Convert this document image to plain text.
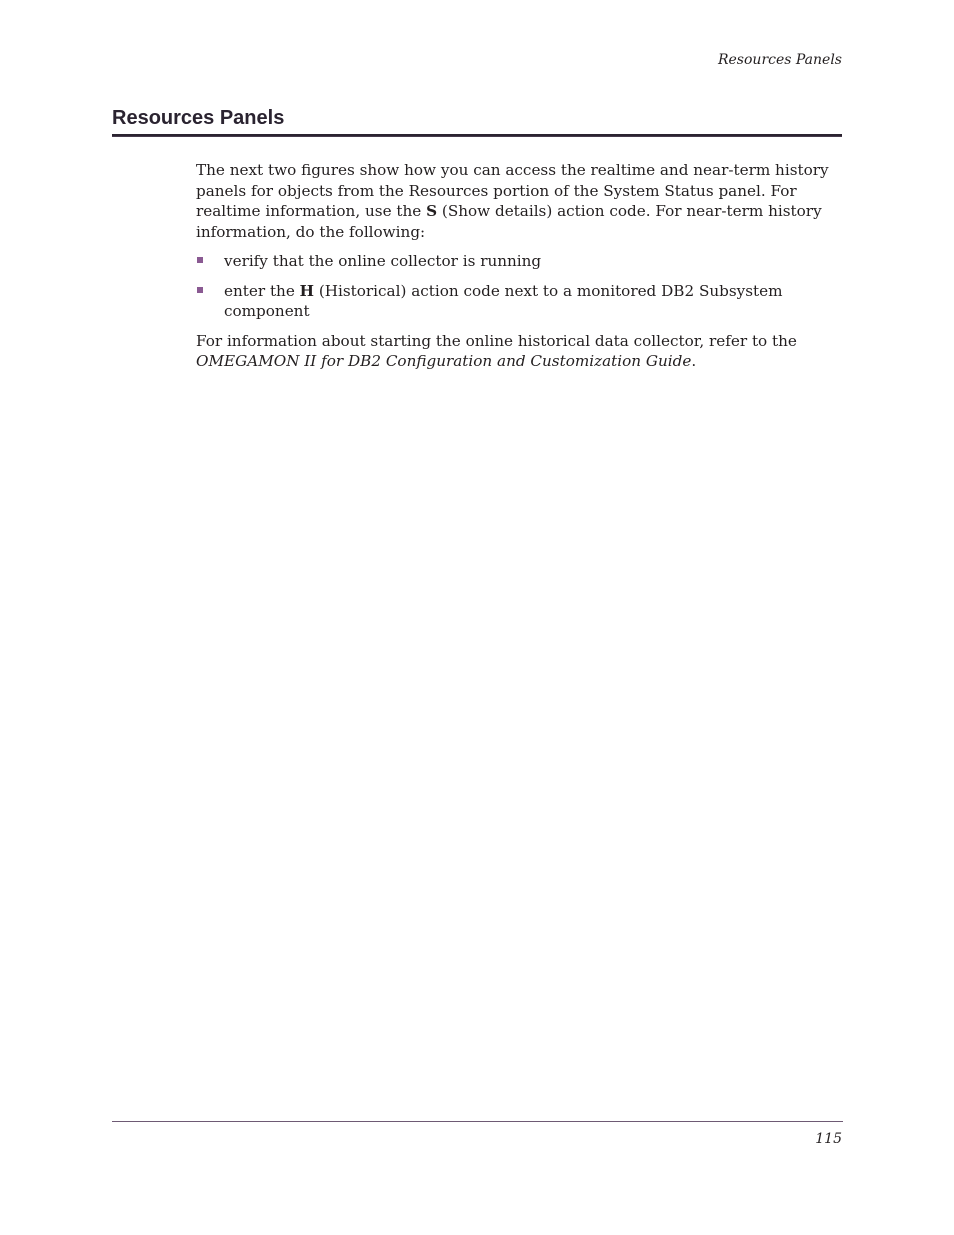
Resources Panels
Resources Panels

The next two figures show how you can access the realtime and near-term history panels for objects from the Resources portion of the System Status panel. For realtime information, use the S (Show details) action code. For near-term history information, do the following:

verify that the online collector is running
enter the H (Historical) action code next to a monitored DB2 Subsystem component

For information about starting the online historical data collector, refer to the OMEGAMON II for DB2 Configuration and Customization Guide.

115
